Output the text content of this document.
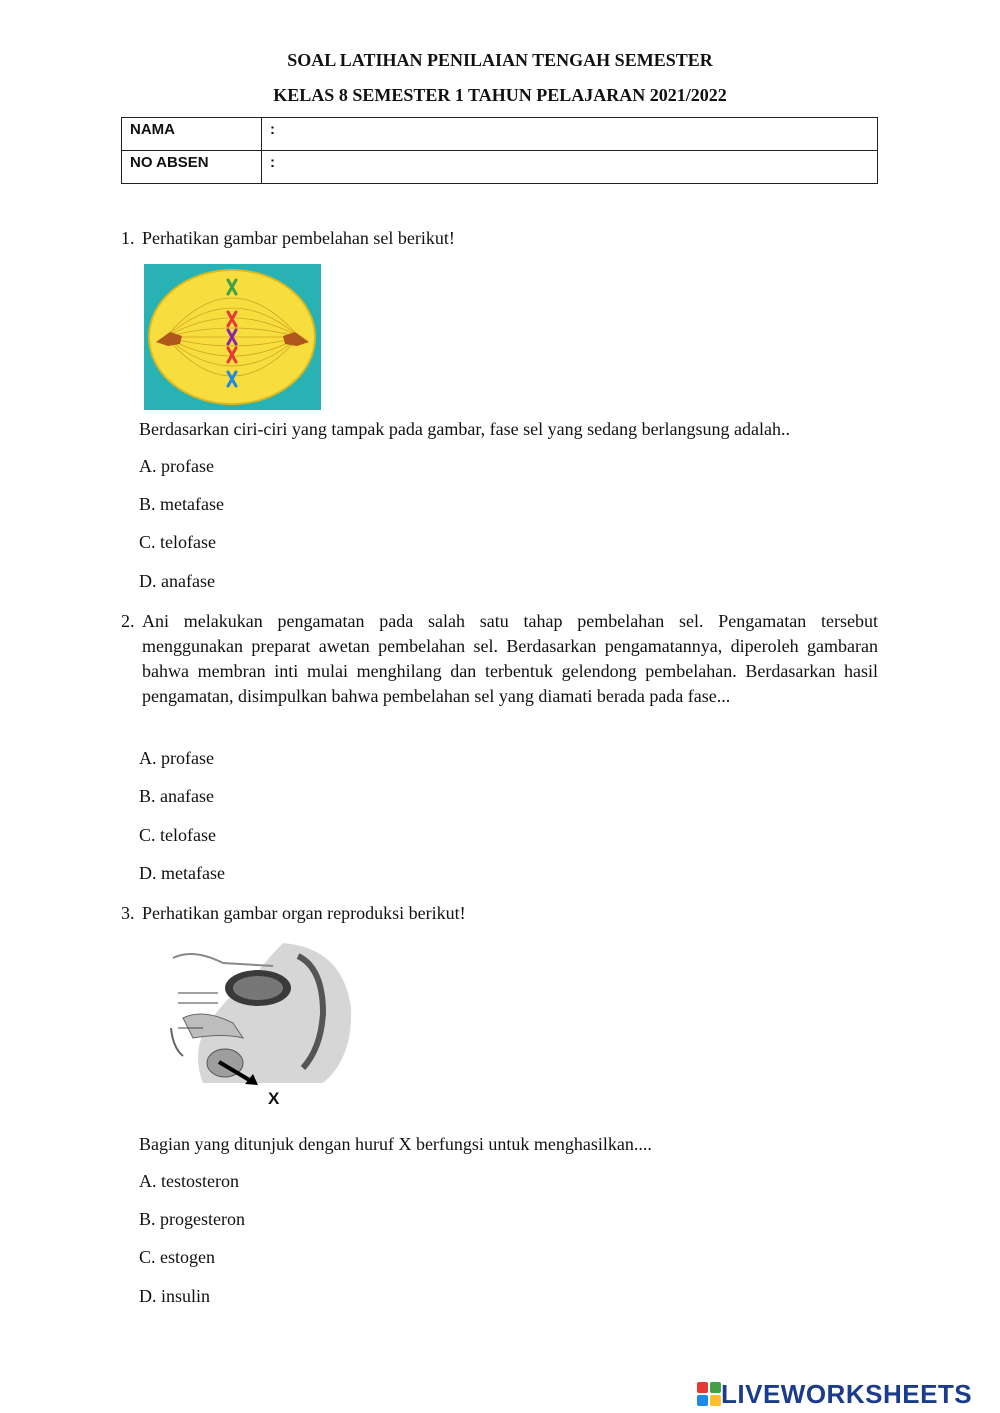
SOAL LATIHAN PENILAIAN TENGAH SEMESTER
KELAS 8 SEMESTER 1 TAHUN PELAJARAN 2021/2022
NAMA	:
NO ABSEN	:
1. Perhatikan gambar pembelahan sel berikut!
Berdasarkan ciri-ciri yang tampak pada gambar, fase sel yang sedang berlangsung adalah..
A. profase
B. metafase
C. telofase
D. anafase
2. Ani melakukan pengamatan pada salah satu tahap pembelahan sel. Pengamatan tersebut menggunakan preparat awetan pembelahan sel. Berdasarkan pengamatannya, diperoleh gambaran bahwa membran inti mulai menghilang dan terbentuk gelendong pembelahan. Berdasarkan hasil pengamatan, disimpulkan bahwa pembelahan sel yang diamati berada pada fase...
A. profase
B. anafase
C. telofase
D. metafase
3. Perhatikan gambar organ reproduksi berikut!
X
Bagian yang ditunjuk dengan huruf X berfungsi untuk menghasilkan....
A. testosteron
B. progesteron
C. estogen
D. insulin
LIVEWORKSHEETS
